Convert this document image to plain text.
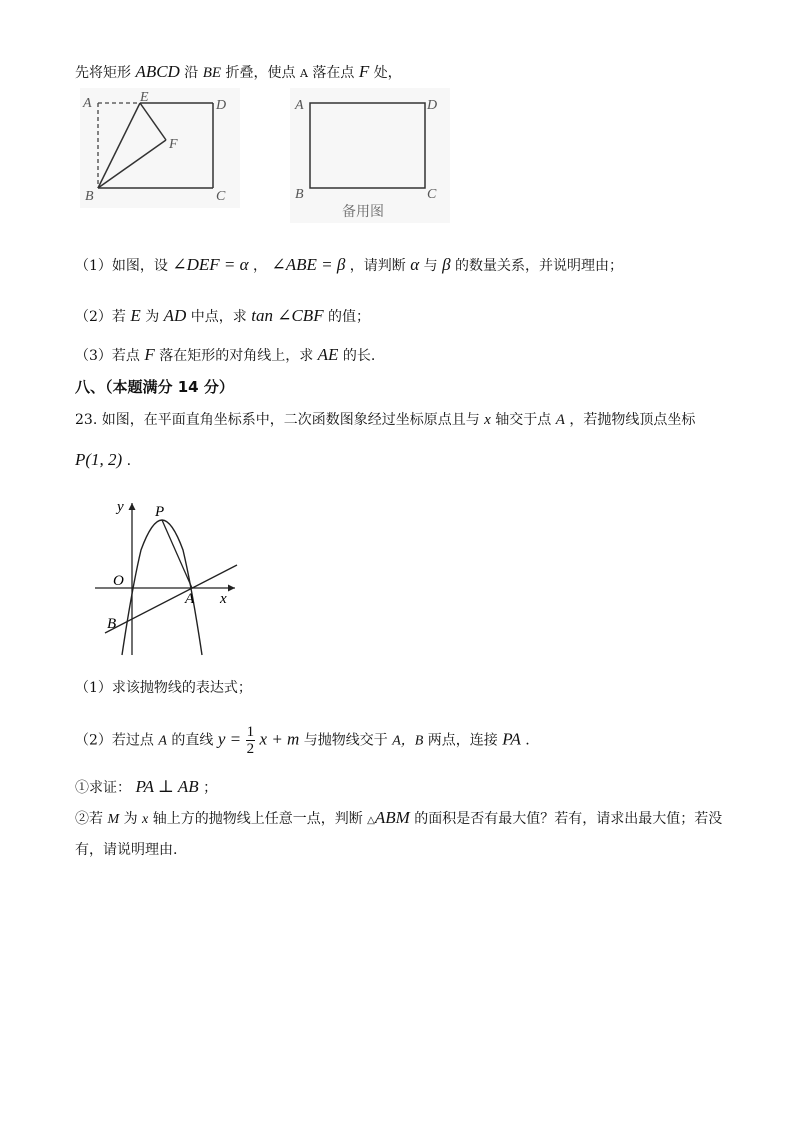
先将矩形 ABCD 沿 BE 折叠，使点 A 落在点 F 处，
A	E
D
F
B	C
A	D
B	C
备用图
（1）如图，设 ∠DEF = α ， ∠ABE = β ，请判断 α 与 β 的数量关系，并说明理由；
（2）若 E 为 AD 中点，求 tan ∠CBF 的值；
（3）若点 F 落在矩形的对角线上，求 AE 的长.
八、（本题满分 14 分）
23. 如图，在平面直角坐标系中，二次函数图象经过坐标原点且与 x 轴交于点 A ，若抛物线顶点坐标
P(1, 2) .
y P
O
A x
B
（1）求该抛物线的表达式；
（2）若过点 A 的直线 $y = \frac{1}{2}$ x + m 与抛物线交于 A，B 两点，连接 PA .
①求证： PA ⊥ AB ；
②若 M 为 x 轴上方的抛物线上任意一点，判断 △ABM 的面积是否有最大值？若有，请求出最大值；若没
有，请说明理由.
